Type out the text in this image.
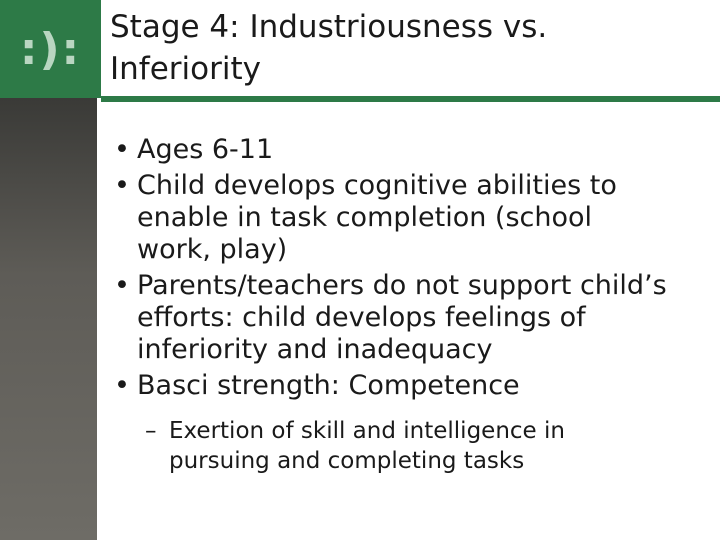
:): Stage 4: Industriousness vs.
Inferiority
• Ages 6-11
• Child develops cognitive abilities to
enable in task completion (school
work, play)
• Parents/teachers do not support child’s
efforts: child develops feelings of
inferiority and inadequacy
• Basci strength: Competence
– Exertion of skill and intelligence in
pursuing and completing tasks
